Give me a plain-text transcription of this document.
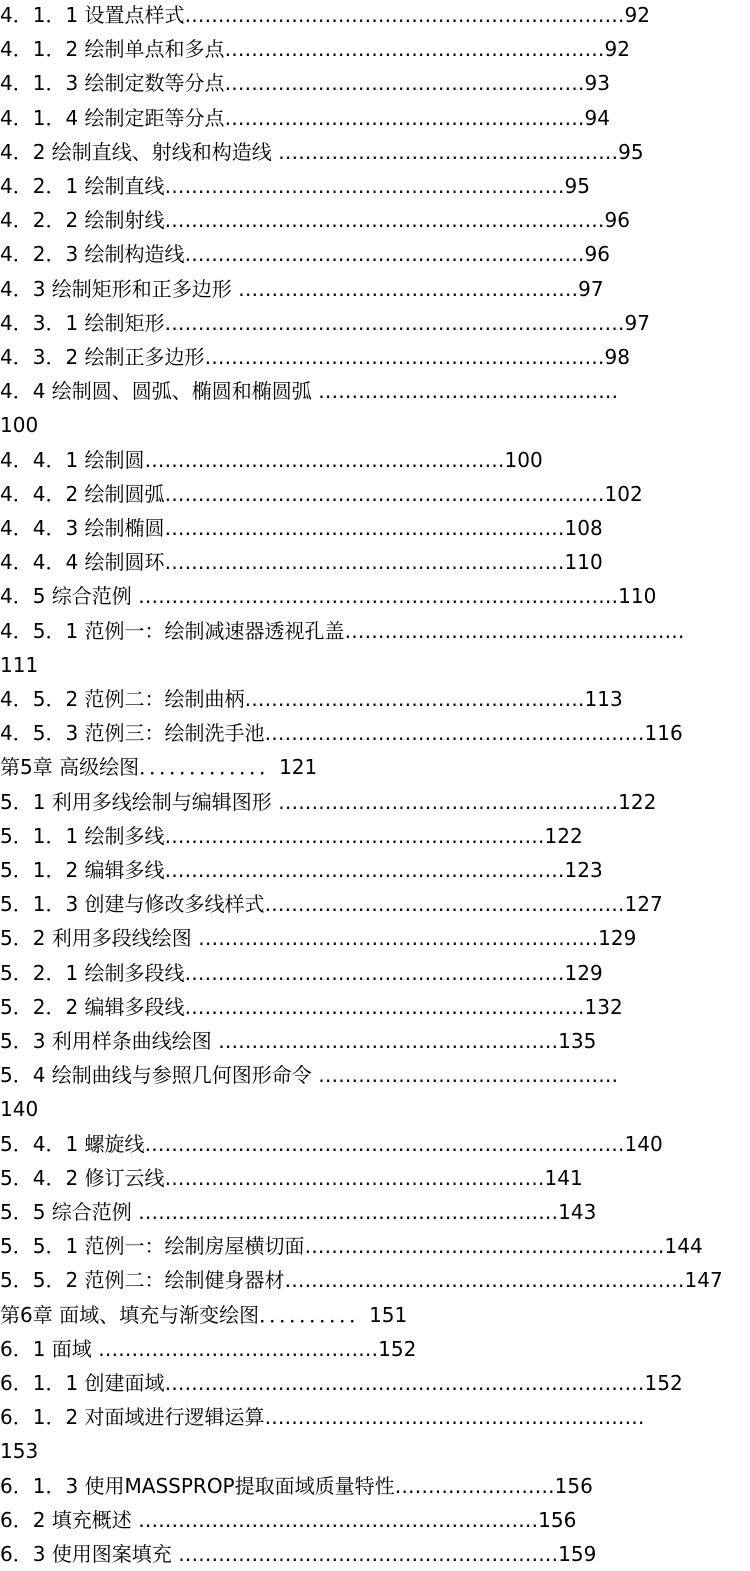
4．1．1 设置点样式…………………………………………………………92
4．1．2 绘制单点和多点…………………………………………………92
4．1．3 绘制定数等分点………………………………………………93
4．1．4 绘制定距等分点………………………………………………94
4．2 绘制直线、射线和构造线 ……………………………………………95
4．2．1 绘制直线……………………………………………………95
4．2．2 绘制射线…………………………………………………………96
4．2．3 绘制构造线……………………………………………………96
4．3 绘制矩形和正多边形 ……………………………………………97
4．3．1 绘制矩形……………………………………………………………97
4．3．2 绘制正多边形……………………………………………………98
4．4 绘制圆、圆弧、椭圆和椭圆弧 ………………………………………
100
4．4．1 绘制圆………………………………………………100
4．4．2 绘制圆弧…………………………………………………………102
4．4．3 绘制椭圆……………………………………………………108
4．4．4 绘制圆环……………………………………………………110
4．5 综合范例 ………………………………………………………………110
4．5．1 范例一：绘制减速器透视孔盖……………………………………………
111
4．5．2 范例二：绘制曲柄……………………………………………113
4．5．3 范例三：绘制洗手池…………………………………………………116
第5章 高级绘图．．．．．．．．．．．．．121
5．1 利用多线绘制与编辑图形 ……………………………………………122
5．1．1 绘制多线…………………………………………………122
5．1．2 编辑多线……………………………………………………123
5．1．3 创建与修改多线样式………………………………………………127
5．2 利用多段线绘图 ……………………………………………………129
5．2．1 绘制多段线…………………………………………………129
5．2．2 编辑多段线……………………………………………………132
5．3 利用样条曲线绘图 ……………………………………………135
5．4 绘制曲线与参照几何图形命令 ………………………………………
140
5．4．1 螺旋线………………………………………………………………140
5．4．2 修订云线…………………………………………………141
5．5 综合范例 ………………………………………………………143
5．5．1 范例一：绘制房屋横切面………………………………………………144
5．5．2 范例二：绘制健身器材……………………………………………………147
第6章 面域、填充与渐变绘图．．．．．．．．．．151
6．1 面域 ……………………………………152
6．1．1 创建面域………………………………………………………………152
6．1．2 对面域进行逻辑运算…………………………………………………
153
6．1．3 使用MASSPROP提取面域质量特性……………………156
6．2 填充概述 ……………………………………………………156
6．3 使用图案填充 …………………………………………………159
